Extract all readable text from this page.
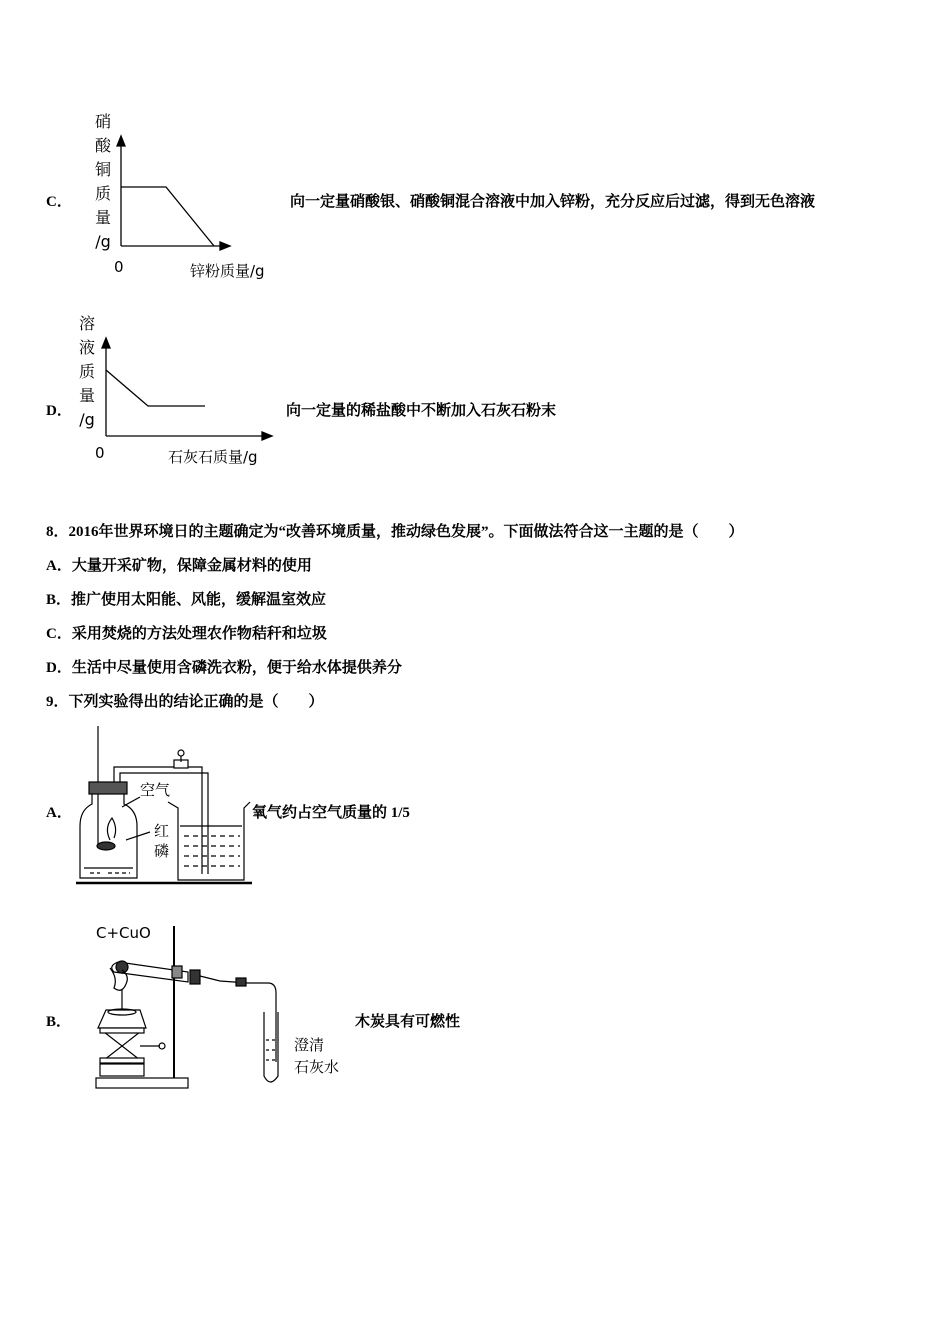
C．
硝
酸
铜
质
量
/g
0	锌粉质量/g
向一定量硝酸银、硝酸铜混合溶液中加入锌粉，充分反应后过滤，得到无色溶液
D．
溶
液
质
量
/g
0	石灰石质量/g
向一定量的稀盐酸中不断加入石灰石粉末
8．2016年世界环境日的主题确定为“改善环境质量，推动绿色发展”。下面做法符合这一主题的是（　　）
A．大量开采矿物，保障金属材料的使用
B．推广使用太阳能、风能，缓解温室效应
C．采用焚烧的方法处理农作物秸秆和垃圾
D．生活中尽量使用含磷洗衣粉，便于给水体提供养分
9．下列实验得出的结论正确的是（　　）
A．
空气
红
磷
氧气约占空气质量的 1/5
B．
C+CuO
澄清
石灰水
木炭具有可燃性
